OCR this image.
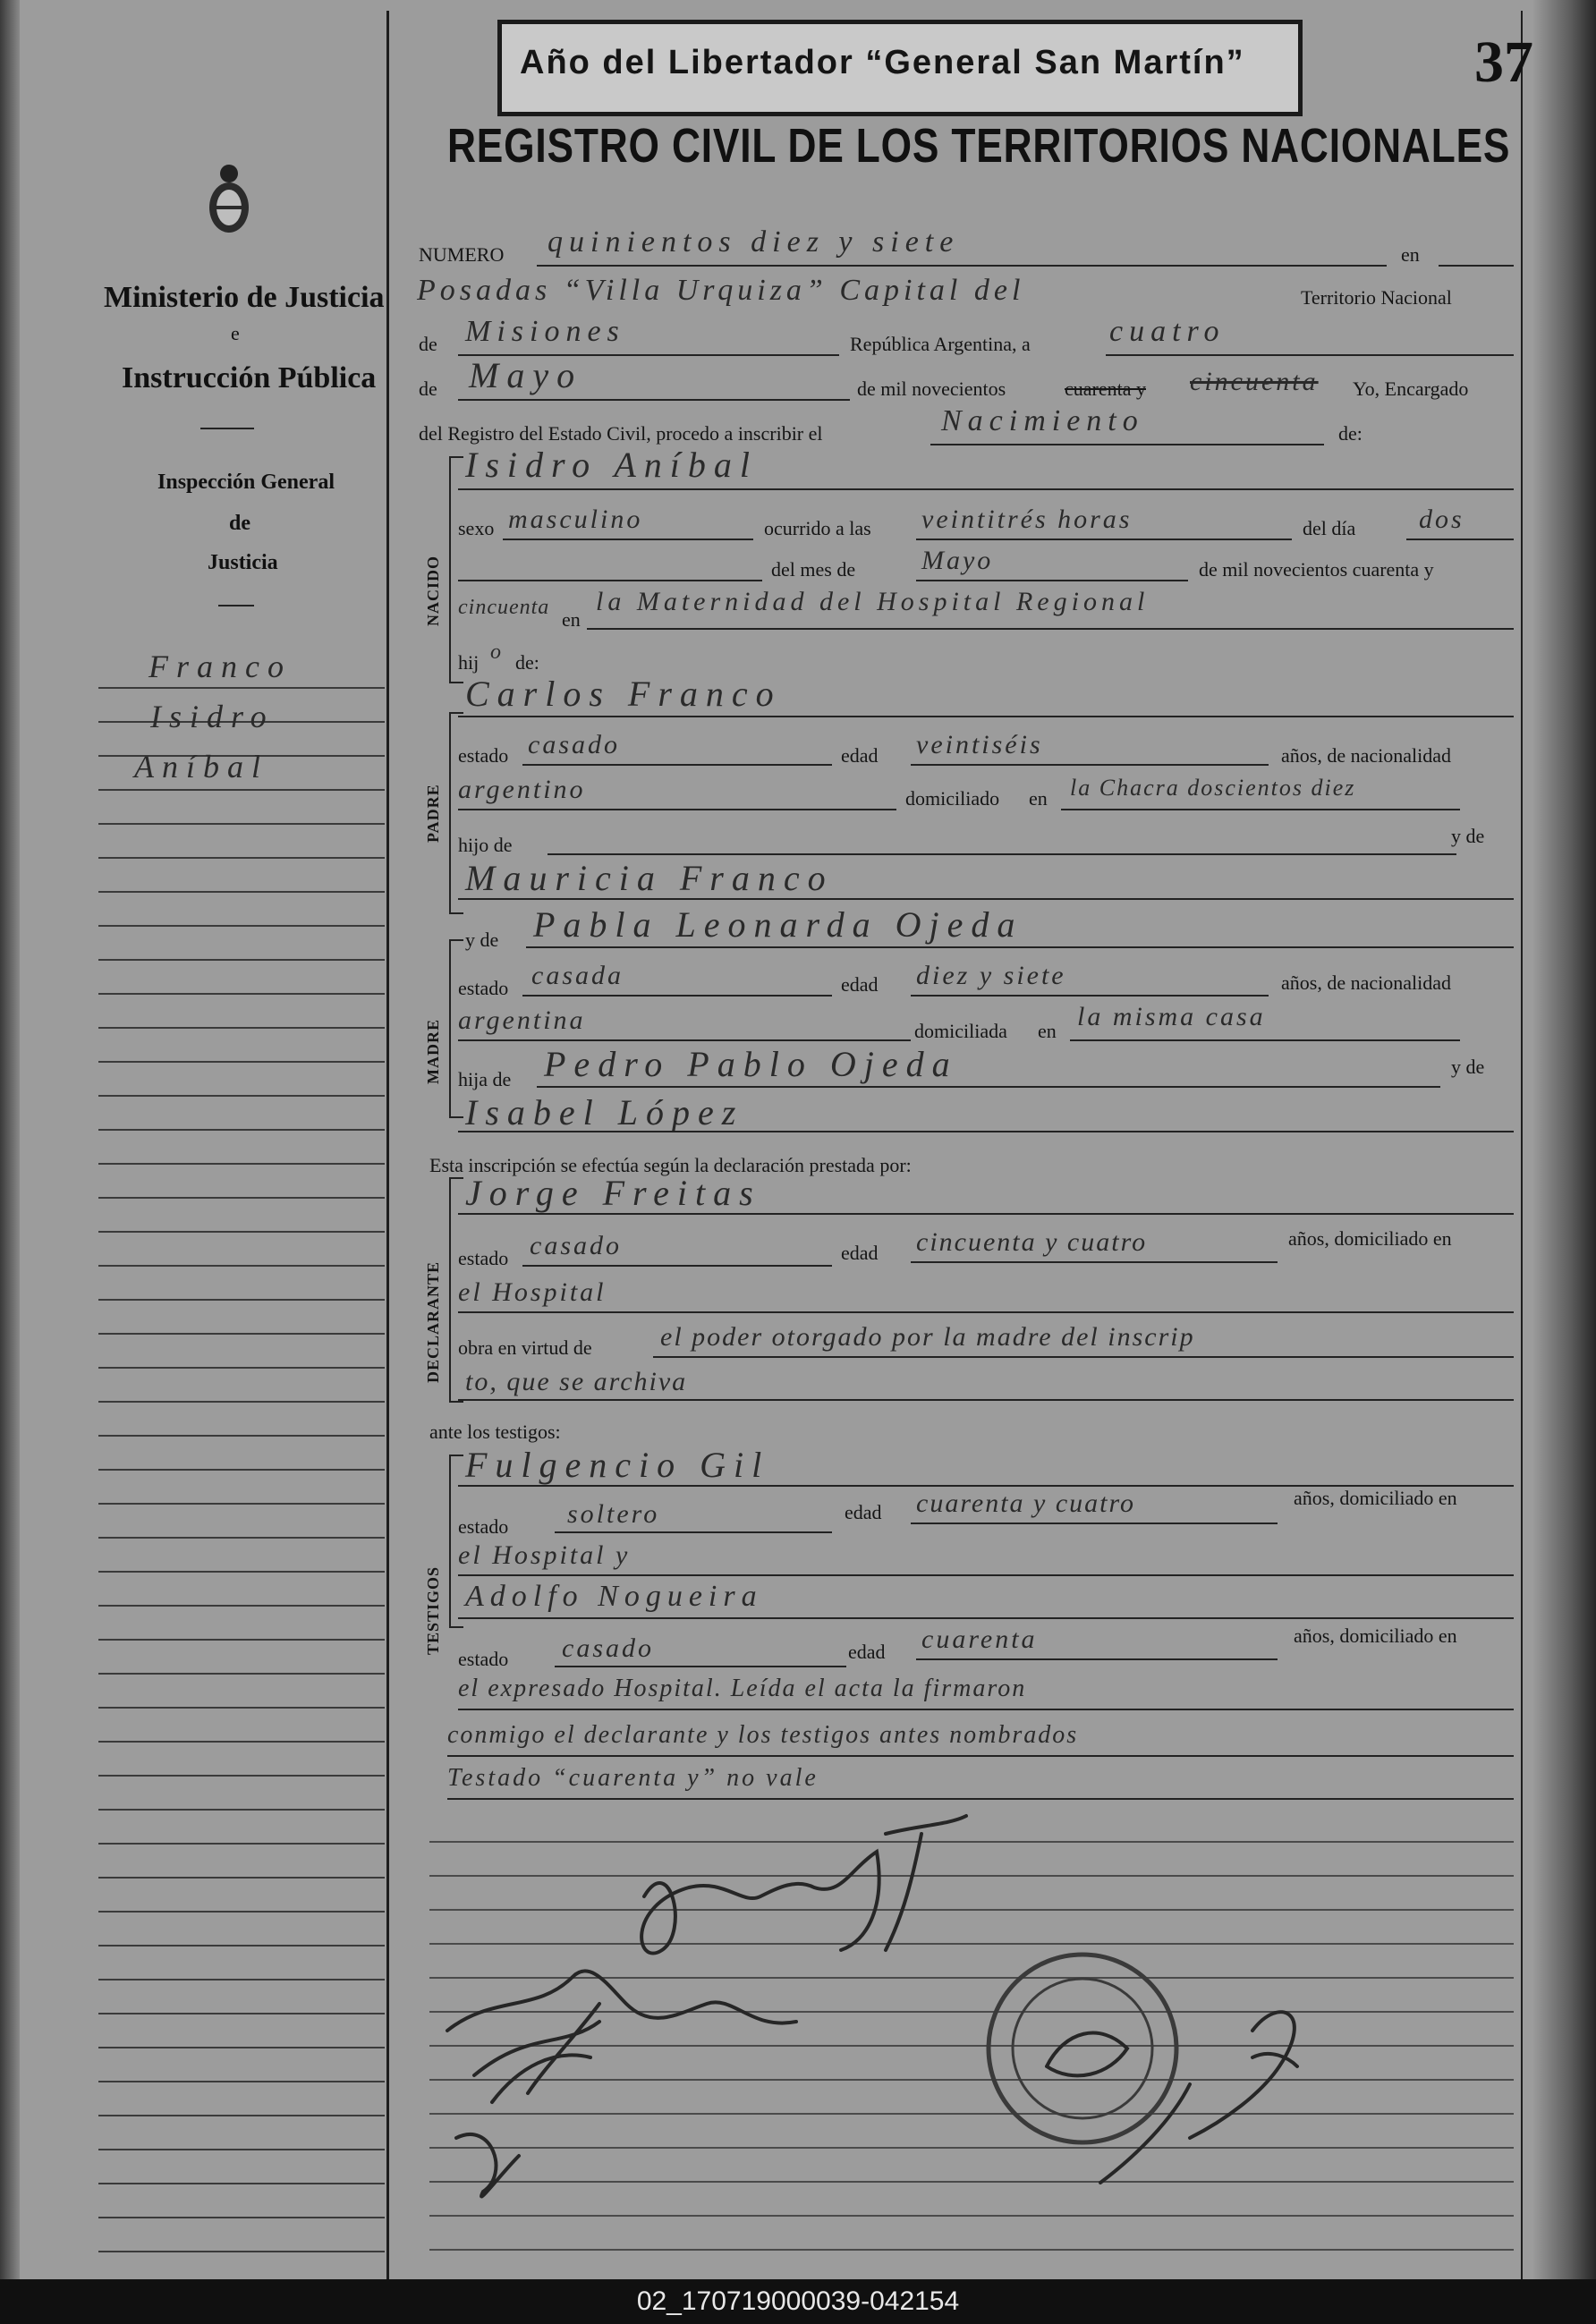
Año del Libertador “General San Martín”	37
REGISTRO CIVIL DE LOS TERRITORIOS NACIONALES
Ministerio de Justicia
e
Instrucción Pública
Inspección General
de
Justicia
Franco
Isidro
Aníbal
NUMERO quinientos diez y siete	en
Posadas “Villa Urquiza” Capital del	Territorio Nacional
de Misiones	República Argentina, a	cuatro
de Mayo	de mil novecientos	cuarenta y cincuenta Yo, Encargado
del Registro del Estado Civil, procedo a inscribir el	Nacimiento	de:
NACIDO
Isidro Aníbal
sexo masculino	ocurrido a las veintitrés horas	del día dos
del mes de Mayo	de mil novecientos cuarenta y
cincuenta
en
la Maternidad del Hospital Regional
hij o de:
PADRE
Carlos Franco
estado casado	edad veintiséis	años, de nacionalidad
argentino	domiciliado en la Chacra doscientos diez
hijo de	y de
Mauricia Franco
MADRE
y de Pabla Leonarda Ojeda
estado casada	edad diez y siete	años, de nacionalidad
argentina	domiciliada en la misma casa
hija de Pedro Pablo Ojeda	y de
Isabel López
Esta inscripción se efectúa según la declaración prestada por:
DECLARANTE
Jorge Freitas
estado casado	edad cincuenta y cuatro	años, domiciliado en
el Hospital
obra en virtud de	el poder otorgado por la madre del inscrip
to, que se archiva
ante los testigos:
TESTIGOS
Fulgencio Gil
estado soltero	edad cuarenta y cuatro	años, domiciliado en
el Hospital y
Adolfo Nogueira
estado casado	edad cuarenta	años, domiciliado en
el expresado Hospital. Leída el acta la firmaron
conmigo el declarante y los testigos antes nombrados
Testado “cuarenta y” no vale
02_170719000039-042154
